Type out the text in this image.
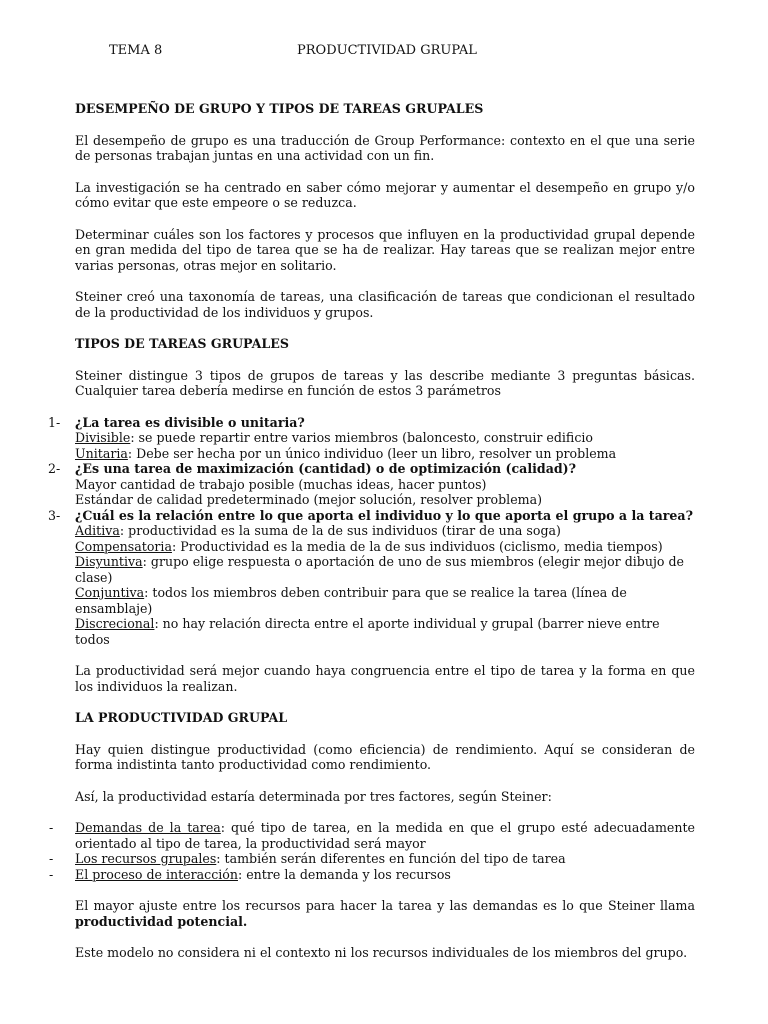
TEMA 8	PRODUCTIVIDAD GRUPAL

DESEMPEÑO DE GRUPO Y TIPOS DE TAREAS GRUPALES

El desempeño de grupo es una traducción de Group Performance: contexto en el que una serie de personas trabajan juntas en una actividad con un fin.

La investigación se ha centrado en saber cómo mejorar y aumentar el desempeño en grupo y/o cómo evitar que este empeore o se reduzca.

Determinar cuáles son los factores y procesos que influyen en la productividad grupal depende en gran medida del tipo de tarea que se ha de realizar. Hay tareas que se realizan mejor entre varias personas, otras mejor en solitario.

Steiner creó una taxonomía de tareas, una clasificación de tareas que condicionan el resultado de la productividad de los individuos y grupos.

TIPOS DE TAREAS GRUPALES

Steiner distingue 3 tipos de grupos de tareas y las describe mediante 3 preguntas básicas. Cualquier tarea debería medirse en función de estos 3 parámetros

1- ¿La tarea es divisible o unitaria?
Divisible: se puede repartir entre varios miembros (baloncesto, construir edificio
Unitaria: Debe ser hecha por un único individuo (leer un libro, resolver un problema
2- ¿Es una tarea de maximización (cantidad) o de optimización (calidad)?
Mayor cantidad de trabajo posible (muchas ideas, hacer puntos)
Estándar de calidad predeterminado (mejor solución, resolver problema)
3- ¿Cuál es la relación entre lo que aporta el individuo y lo que aporta el grupo a la tarea?
Aditiva: productividad es la suma de la de sus individuos (tirar de una soga)
Compensatoria: Productividad es la media de la de sus individuos (ciclismo, media tiempos)
Disyuntiva: grupo elige respuesta o aportación de uno de sus miembros (elegir mejor dibujo de clase)
Conjuntiva: todos los miembros deben contribuir para que se realice la tarea (línea de ensamblaje)
Discrecional: no hay relación directa entre el aporte individual y grupal (barrer nieve entre todos

La productividad será mejor cuando haya congruencia entre el tipo de tarea y la forma en que los individuos la realizan.

LA PRODUCTIVIDAD GRUPAL

Hay quien distingue productividad (como eficiencia) de rendimiento. Aquí se consideran de forma indistinta tanto productividad como rendimiento.

Así, la productividad estaría determinada por tres factores, según Steiner:

- Demandas de la tarea: qué tipo de tarea, en la medida en que el grupo esté adecuadamente orientado al tipo de tarea, la productividad será mayor
- Los recursos grupales: también serán diferentes en función del tipo de tarea
- El proceso de interacción: entre la demanda y los recursos

El mayor ajuste entre los recursos para hacer la tarea y las demandas es lo que Steiner llama productividad potencial.

Este modelo no considera ni el contexto ni los recursos individuales de los miembros del grupo.
